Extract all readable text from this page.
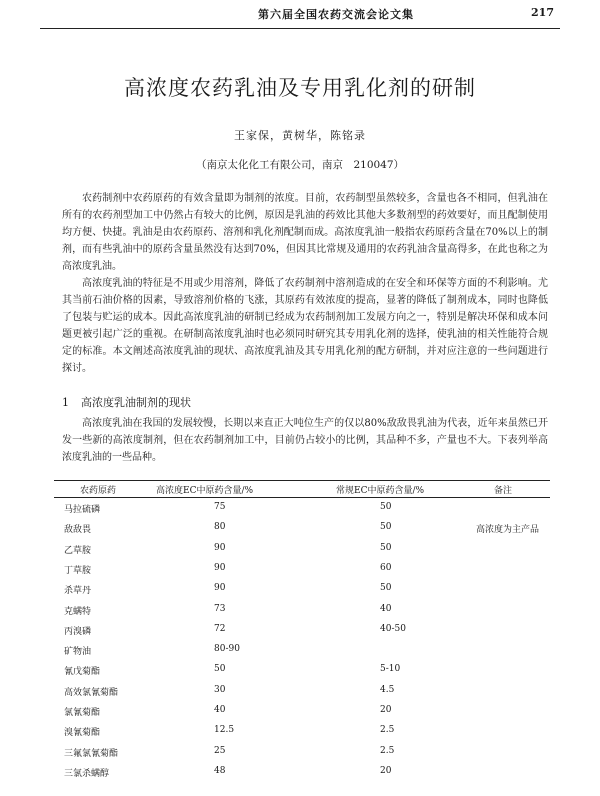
第六届全国农药交流会论文集	217
高浓度农药乳油及专用乳化剂的研制
王家保，黄树华，陈铭录
（南京太化化工有限公司，南京　210047）

农药制剂中农药原药的有效含量即为制剂的浓度。目前，农药制型虽然较多，含量也各不相同，但乳油在所有的农药剂型加工中仍然占有较大的比例，原因是乳油的药效比其他大多数剂型的药效要好，而且配制使用均方便、快捷。乳油是由农药原药、溶剂和乳化剂配制而成。高浓度乳油一般指农药原药含量在70%以上的制剂，而有些乳油中的原药含量虽然没有达到70%，但因其比常规及通用的农药乳油含量高得多，在此也称之为高浓度乳油。

高浓度乳油的特征是不用或少用溶剂，降低了农药制剂中溶剂造成的在安全和环保等方面的不利影响。尤其当前石油价格的因素，导致溶剂价格的飞涨，其原药有效浓度的提高，显著的降低了制剂成本，同时也降低了包装与贮运的成本。因此高浓度乳油的研制已经成为农药制剂加工发展方向之一，特别是解决环保和成本问题更被引起广泛的重视。在研制高浓度乳油时也必须同时研究其专用乳化剂的选择，使乳油的相关性能符合规定的标准。本文阐述高浓度乳油的现状、高浓度乳油及其专用乳化剂的配方研制，并对应注意的一些问题进行探讨。

1 高浓度乳油制剂的现状

高浓度乳油在我国的发展较慢，长期以来直正大吨位生产的仅以80%敌敌畏乳油为代表，近年来虽然已开发一些新的高浓度制剂，但在农药制剂加工中，目前仍占较小的比例，其品种不多，产量也不大。下表列举高浓度乳油的一些品种。

农药原药	高浓度EC中原药含量/%	常规EC中原药含量/%	备注
马拉硫磷	75	50
敌敌畏	80	50	高浓度为主产品
乙草胺	90	50
丁草胺	90	60
杀草丹	90	50
克螨特	73	40
丙溴磷	72	40-50
矿物油	80-90
氰戊菊酯	50	5-10
高效氯氰菊酯	30	4.5
氯氰菊酯	40	20
溴氰菊酯	12.5	2.5
三氟氯氰菊酯	25	2.5
三氯杀螨醇	48	20
